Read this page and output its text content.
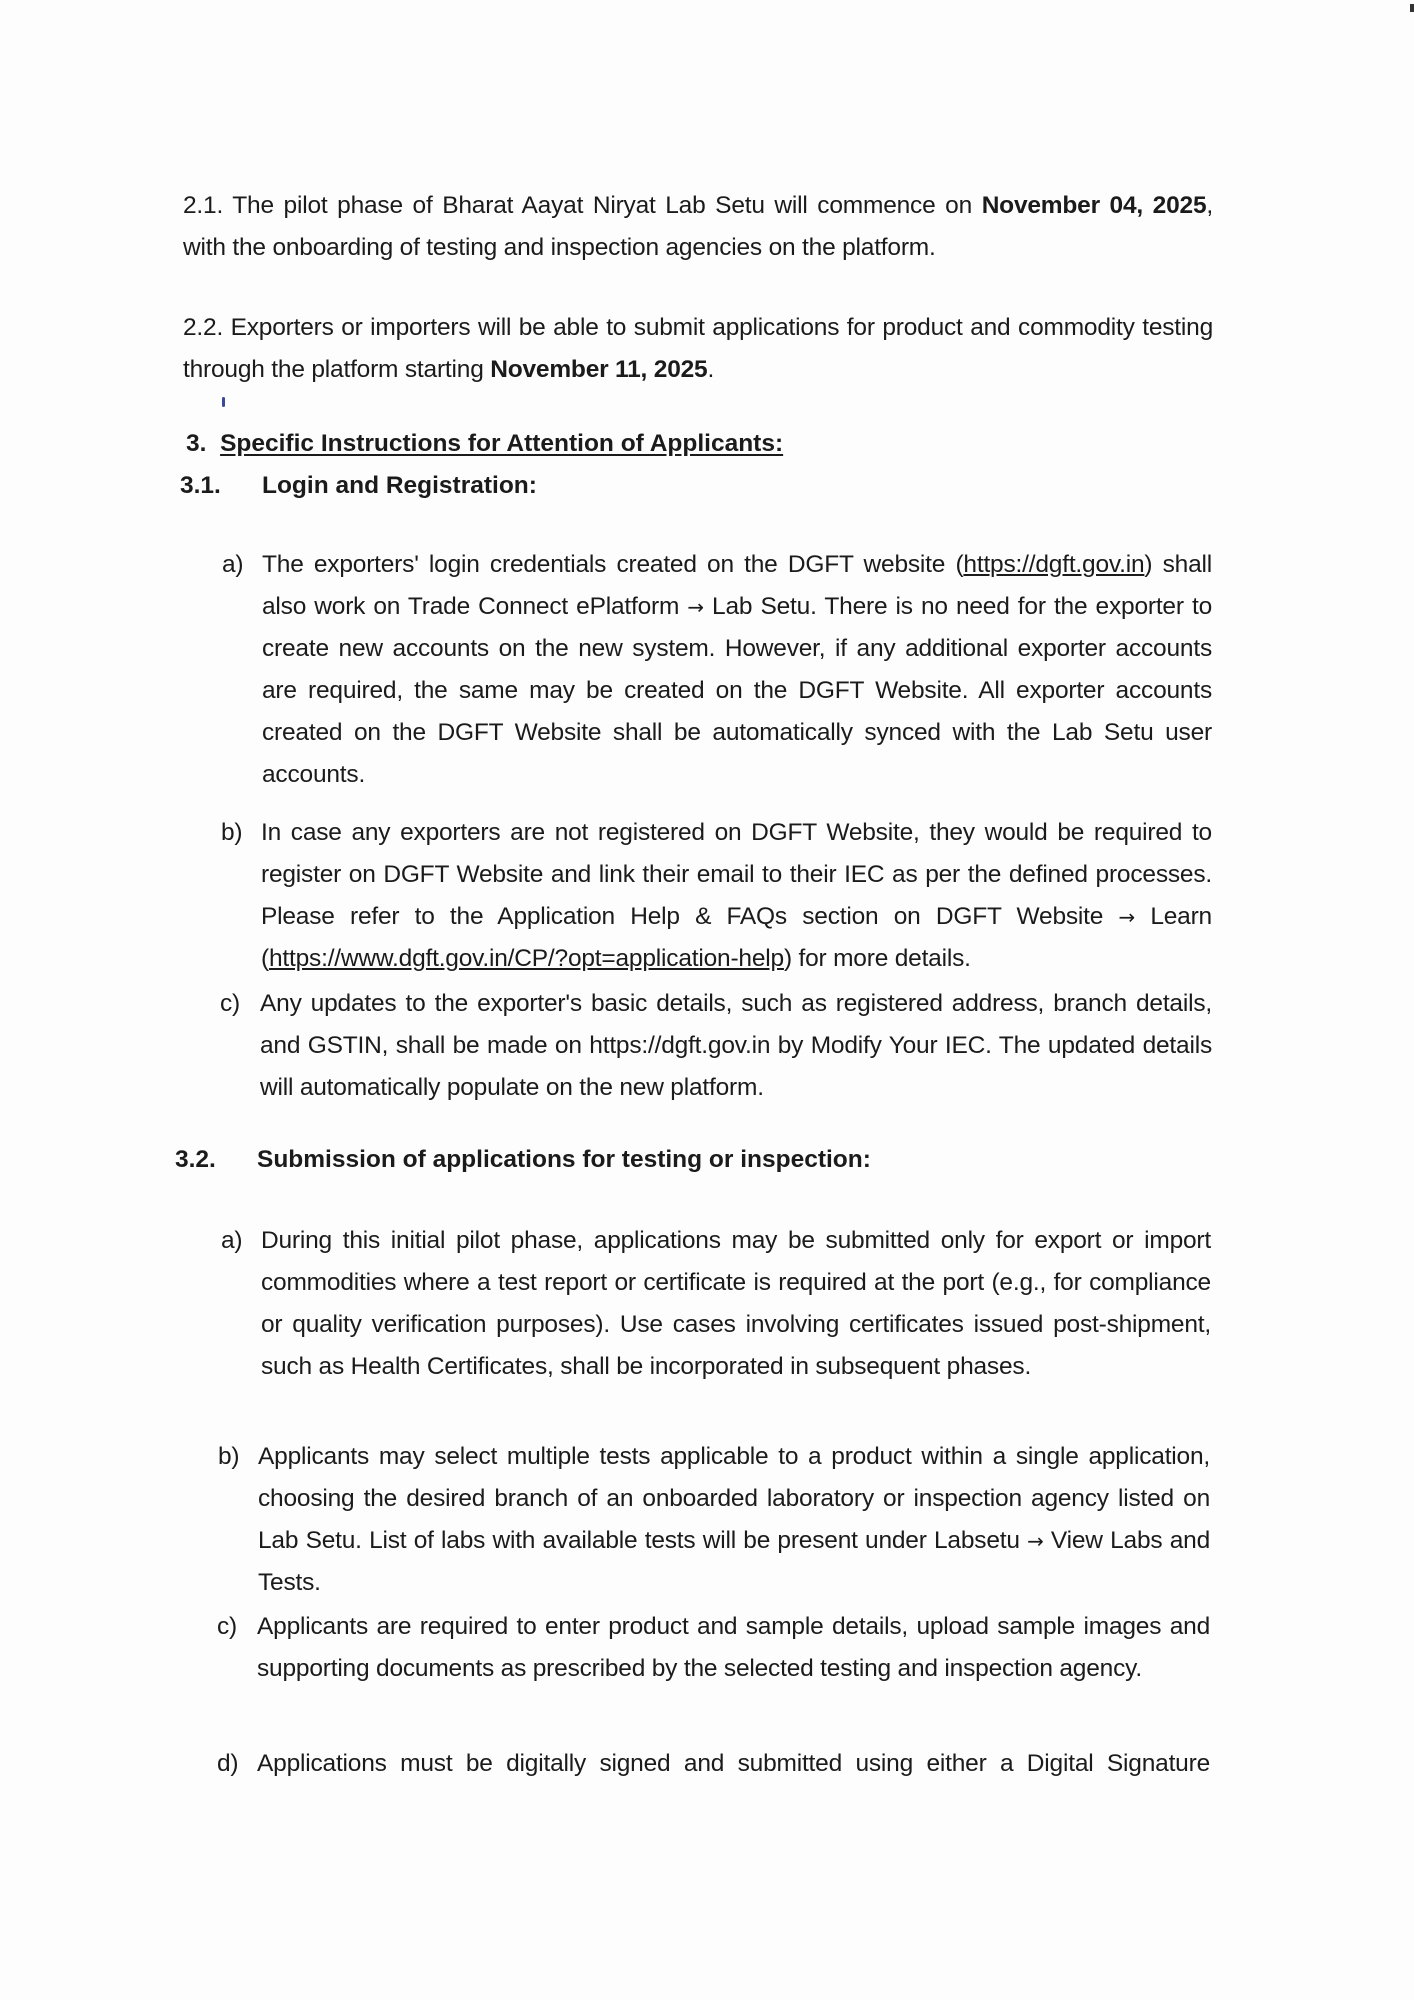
2.1. The pilot phase of Bharat Aayat Niryat Lab Setu will commence on November 04, 2025, with the onboarding of testing and inspection agencies on the platform.
2.2. Exporters or importers will be able to submit applications for product and commodity testing through the platform starting November 11, 2025.
3. Specific Instructions for Attention of Applicants:
3.1. Login and Registration:
a) The exporters' login credentials created on the DGFT website (https://dgft.gov.in) shall also work on Trade Connect ePlatform → Lab Setu. There is no need for the exporter to create new accounts on the new system. However, if any additional exporter accounts are required, the same may be created on the DGFT Website. All exporter accounts created on the DGFT Website shall be automatically synced with the Lab Setu user accounts.
b) In case any exporters are not registered on DGFT Website, they would be required to register on DGFT Website and link their email to their IEC as per the defined processes. Please refer to the Application Help & FAQs section on DGFT Website → Learn (https://www.dgft.gov.in/CP/?opt=application-help) for more details.
c) Any updates to the exporter's basic details, such as registered address, branch details, and GSTIN, shall be made on https://dgft.gov.in by Modify Your IEC. The updated details will automatically populate on the new platform.
3.2. Submission of applications for testing or inspection:
a) During this initial pilot phase, applications may be submitted only for export or import commodities where a test report or certificate is required at the port (e.g., for compliance or quality verification purposes). Use cases involving certificates issued post-shipment, such as Health Certificates, shall be incorporated in subsequent phases.
b) Applicants may select multiple tests applicable to a product within a single application, choosing the desired branch of an onboarded laboratory or inspection agency listed on Lab Setu. List of labs with available tests will be present under Labsetu → View Labs and Tests.
c) Applicants are required to enter product and sample details, upload sample images and supporting documents as prescribed by the selected testing and inspection agency.
d) Applications must be digitally signed and submitted using either a Digital Signature
